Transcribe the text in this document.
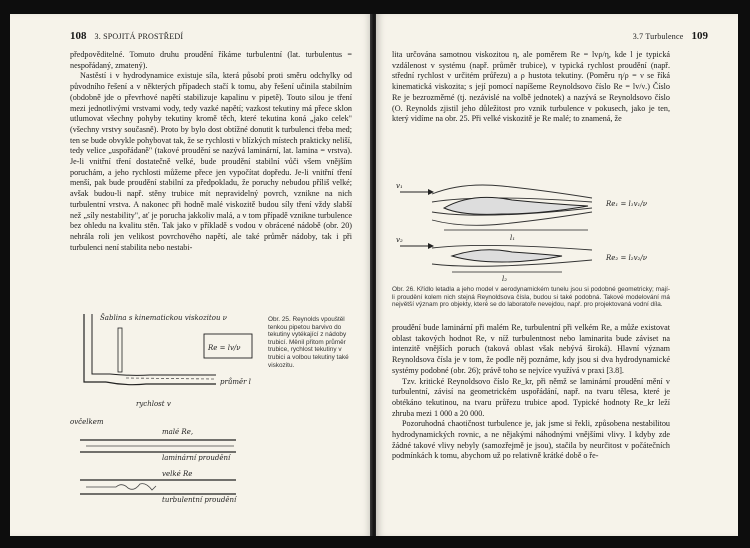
108 3. SPOJITÁ PROSTŘEDÍ

předpověditelné. Tomuto druhu proudění říkáme turbulentní (lat. turbulentus = nespořádaný, zmatený).

Nastěstí i v hydrodynamice existuje síla, která působí proti směru odchylky od původního řešení a v některých případech stačí k tomu, aby řešení učinila stabilním (obdobně jde o převrhové napětí stabilizuje kapalinu v pipetě). Touto silou je tření mezi jednotlivými vrstvami vody, tedy vazké napětí; vazkost tekutiny má přece sklon utlumovat všechny pohyby tekutiny kromě těch, které tekutina koná „jako celek" (všechny vrstvy současně). Proto by bylo dost obtížné donutit k turbulenci třeba med; ten se bude obvykle pohybovat tak, že se rychlosti v blízkých místech prakticky neliší, tedy velice „uspořádaně" (takové proudění se nazývá laminární, lat. lamina = vrstva). Je-li vnitřní tření dostatečně velké, bude proudění stabilní vůči všem vnějším poruchám, a jeho rychlosti můžeme přece jen vypočítat dopředu. Je-li vnitřní tření menší, pak bude proudění stabilní za předpokladu, že poruchy nebudou příliš velké; avšak budou-li např. stěny trubice mít nepravidelný povrch, vznikne na nich turbulentní vrstva. A nakonec při hodně malé viskozitě budou síly tření vždy slabší než „síly nestability", ať je porucha jakkoliv malá, a v tom případě vznikne turbulence bez ohledu na kvalitu stěn. Tak jako v příkladě s vodou v obrácené nádobě (obr. 20) nehrála roli jen velikost povrchového napětí, ale také průměr nádoby, tak i při turbulenci není stabilita nebo nestabi-

Re = lv/ν
Šablina s kinematickou viskozitou ν
průměr l
rychlost v
ovčelkem
malé Re,
laminární proudění
velké Re
turbulentní proudění
Obr. 25. Reynolds vpouštěl tenkou pipetou barvivo do tekutiny vytékající z nádoby trubicí. Měnil přitom průměr trubice, rychlost tekutiny v trubici a volbou tekutiny také viskozitu.
3.7 Turbulence 109

lita určována samotnou viskozitou η, ale poměrem Re = lvρ/η, kde l je typická vzdálenost v systému (např. průměr trubice), v typická rychlost proudění (např. střední rychlost v určitém průřezu) a ρ hustota tekutiny. (Poměru η/ρ = ν se říká kinematická viskozita; s její pomocí napíšeme Reynoldsovo číslo Re = lv/ν.) Číslo Re je bezrozměrné (tj. nezávislé na volbě jednotek) a nazývá se Reynoldsovo číslo (O. Reynolds zjistil jeho důležitost pro vznik turbulence v pokusech, jako je ten, který vidíme na obr. 25. Při velké viskozitě je Re malé; to znamená, že

v₁
l₁
Re₁ = l₁v₁/ν
v₂
l₂
Re₂ = l₂v₂/ν
Obr. 26. Křídlo letadla a jeho model v aerodynamickém tunelu jsou si podobné geometricky; mají-li proudění kolem nich stejná Reynoldsova čísla, budou si také podobná. Takové modelování má největší význam pro objekty, které se do laboratoře nevejdou, např. pro projektovaná vodní díla.

proudění bude laminární při malém Re, turbulentní při velkém Re, a může existovat oblast takových hodnot Re, v níž turbulentnost nebo laminarita bude záviset na intenzitě vnějších poruch (taková oblast však nebývá široká). Hlavní význam Reynoldsova čísla je v tom, že podle něj poznáme, kdy jsou si dva hydrodynamické systémy podobné (obr. 26); právě toho se nejvíce využívá v praxi [3.8].

Tzv. kritické Reynoldsovo číslo Re_kr, při němž se laminární proudění mění v turbulentní, závisí na geometrickém uspořádání, např. na tvaru tělesa, které je obtékáno tekutinou, na tvaru průřezu trubice apod. Typické hodnoty Re_kr leží zhruba mezi 1 000 a 20 000.

Pozoruhodná chaotičnost turbulence je, jak jsme si řekli, způsobena nestabilitou hydrodynamických rovnic, a ne nějakými náhodnými vnějšími vlivy. I kdyby zde žádné takové vlivy nebyly (samozřejmě je jsou), stačila by neurčitost v počátečních podmínkách k tomu, abychom už po relativně krátké době o ře-
